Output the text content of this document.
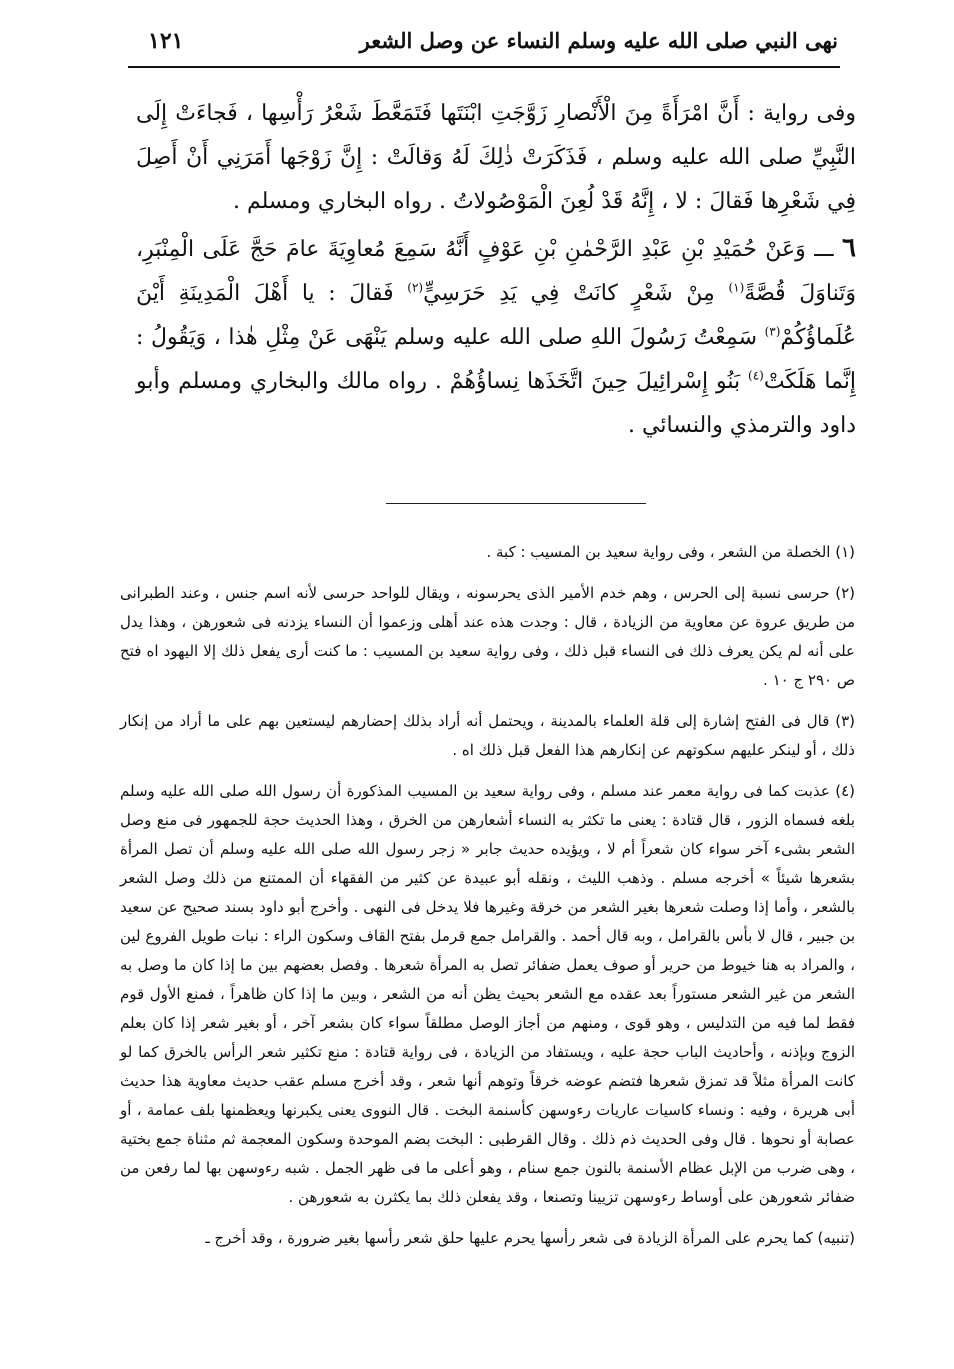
نهى النبي صلى الله عليه وسلم النساء عن وصل الشعر
١٢١

وفى رواية : أَنَّ امْرَأَةً مِنَ الْأَنْصارِ زَوَّجَتِ ابْنَتَها فَتَمَعَّطَ شَعْرُ رَأْسِها ، فَجاءَتْ إِلَى النَّبِيِّ صلى الله عليه وسلم ، فَذَكَرَتْ ذٰلِكَ لَهُ وَقالَتْ : إِنَّ زَوْجَها أَمَرَنِي أَنْ أَصِلَ فِي شَعْرِها فَقالَ : لا ، إِنَّهُ قَدْ لُعِنَ الْمَوْصُولاتُ . رواه البخاري ومسلم .

٦ ـــ وَعَنْ حُمَيْدِ بْنِ عَبْدِ الرَّحْمٰنِ بْنِ عَوْفٍ أَنَّهُ سَمِعَ مُعاوِيَةَ عامَ حَجَّ عَلَى الْمِنْبَرِ، وَتَناوَلَ قُصَّةً$^{(١)}$ مِنْ شَعْرٍ كانَتْ فِي يَدِ حَرَسِيٍّ$^{(٢)}$ فَقالَ : يا أَهْلَ الْمَدِينَةِ أَيْنَ عُلَماؤُكُمْ$^{(٣)}$ سَمِعْتُ رَسُولَ اللهِ صلى الله عليه وسلم يَنْهَى عَنْ مِثْلِ هٰذا ، وَيَقُولُ : إِنَّما هَلَكَتْ$^{(٤)}$ بَنُو إِسْرائِيلَ حِينَ اتَّخَذَها نِساؤُهُمْ . رواه مالك والبخاري ومسلم وأبو داود والترمذي والنسائي .

(١) الخصلة من الشعر ، وفى رواية سعيد بن المسيب : كبة .

(٢) حرسى نسبة إلى الحرس ، وهم خدم الأمير الذى يحرسونه ، ويقال للواحد حرسى لأنه اسم جنس ، وعند الطبرانى من طريق عروة عن معاوية من الزيادة ، قال : وجدت هذه عند أهلى وزعموا أن النساء يزدنه فى شعورهن ، وهذا يدل على أنه لم يكن يعرف ذلك فى النساء قبل ذلك ، وفى رواية سعيد بن المسيب : ما كنت أرى يفعل ذلك إلا اليهود اه فتح ص ٢٩٠ ج ١٠ .

(٣) قال فى الفتح إشارة إلى قلة العلماء بالمدينة ، ويحتمل أنه أراد بذلك إحضارهم ليستعين بهم على ما أراد من إنكار ذلك ، أو لينكر عليهم سكوتهم عن إنكارهم هذا الفعل قبل ذلك اه .

(٤) عذبت كما فى رواية معمر عند مسلم ، وفى رواية سعيد بن المسيب المذكورة أن رسول الله صلى الله عليه وسلم بلغه فسماه الزور ، قال قتادة : يعنى ما تكثر به النساء أشعارهن من الخرق ، وهذا الحديث حجة للجمهور فى منع وصل الشعر بشىء آخر سواء كان شعراً أم لا ، ويؤيده حديث جابر « زجر رسول الله صلى الله عليه وسلم أن تصل المرأة بشعرها شيئاً » أخرجه مسلم . وذهب الليث ، ونقله أبو عبيدة عن كثير من الفقهاء أن الممتنع من ذلك وصل الشعر بالشعر ، وأما إذا وصلت شعرها بغير الشعر من خرقة وغيرها فلا يدخل فى النهى . وأخرج أبو داود بسند صحيح عن سعيد بن جبير ، قال لا بأس بالقرامل ، وبه قال أحمد . والقرامل جمع قرمل بفتح القاف وسكون الراء : نبات طويل الفروع لين ، والمراد به هنا خيوط من حرير أو صوف يعمل ضفائر تصل به المرأة شعرها . وفصل بعضهم بين ما إذا كان ما وصل به الشعر من غير الشعر مستوراً بعد عقده مع الشعر بحيث يظن أنه من الشعر ، وبين ما إذا كان ظاهراً ، فمنع الأول قوم فقط لما فيه من التدليس ، وهو قوى ، ومنهم من أجاز الوصل مطلقاً سواء كان بشعر آخر ، أو بغير شعر إذا كان بعلم الزوج وبإذنه ، وأحاديث الباب حجة عليه ، ويستفاد من الزيادة ، فى رواية قتادة : منع تكثير شعر الرأس بالخرق كما لو كانت المرأة مثلاً قد تمزق شعرها فتضم عوضه خرقاً وتوهم أنها شعر ، وقد أخرج مسلم عقب حديث معاوية هذا حديث أبى هريرة ، وفيه : ونساء كاسيات عاريات رءوسهن كأسنمة البخت . قال النووى يعنى يكبرنها ويعظمنها بلف عمامة ، أو عصابة أو نحوها . قال وفى الحديث ذم ذلك . وقال القرطبى : البخت بضم الموحدة وسكون المعجمة ثم مثناة جمع بختية ، وهى ضرب من الإبل عظام الأسنمة بالنون جمع سنام ، وهو أعلى ما فى ظهر الجمل . شبه رءوسهن بها لما رفعن من ضفائر شعورهن على أوساط رءوسهن تزيينا وتصنعا ، وقد يفعلن ذلك بما يكثرن به شعورهن .

(تنبيه) كما يحرم على المرأة الزيادة فى شعر رأسها يحرم عليها حلق شعر رأسها بغير ضرورة ، وقد أخرج ـ
